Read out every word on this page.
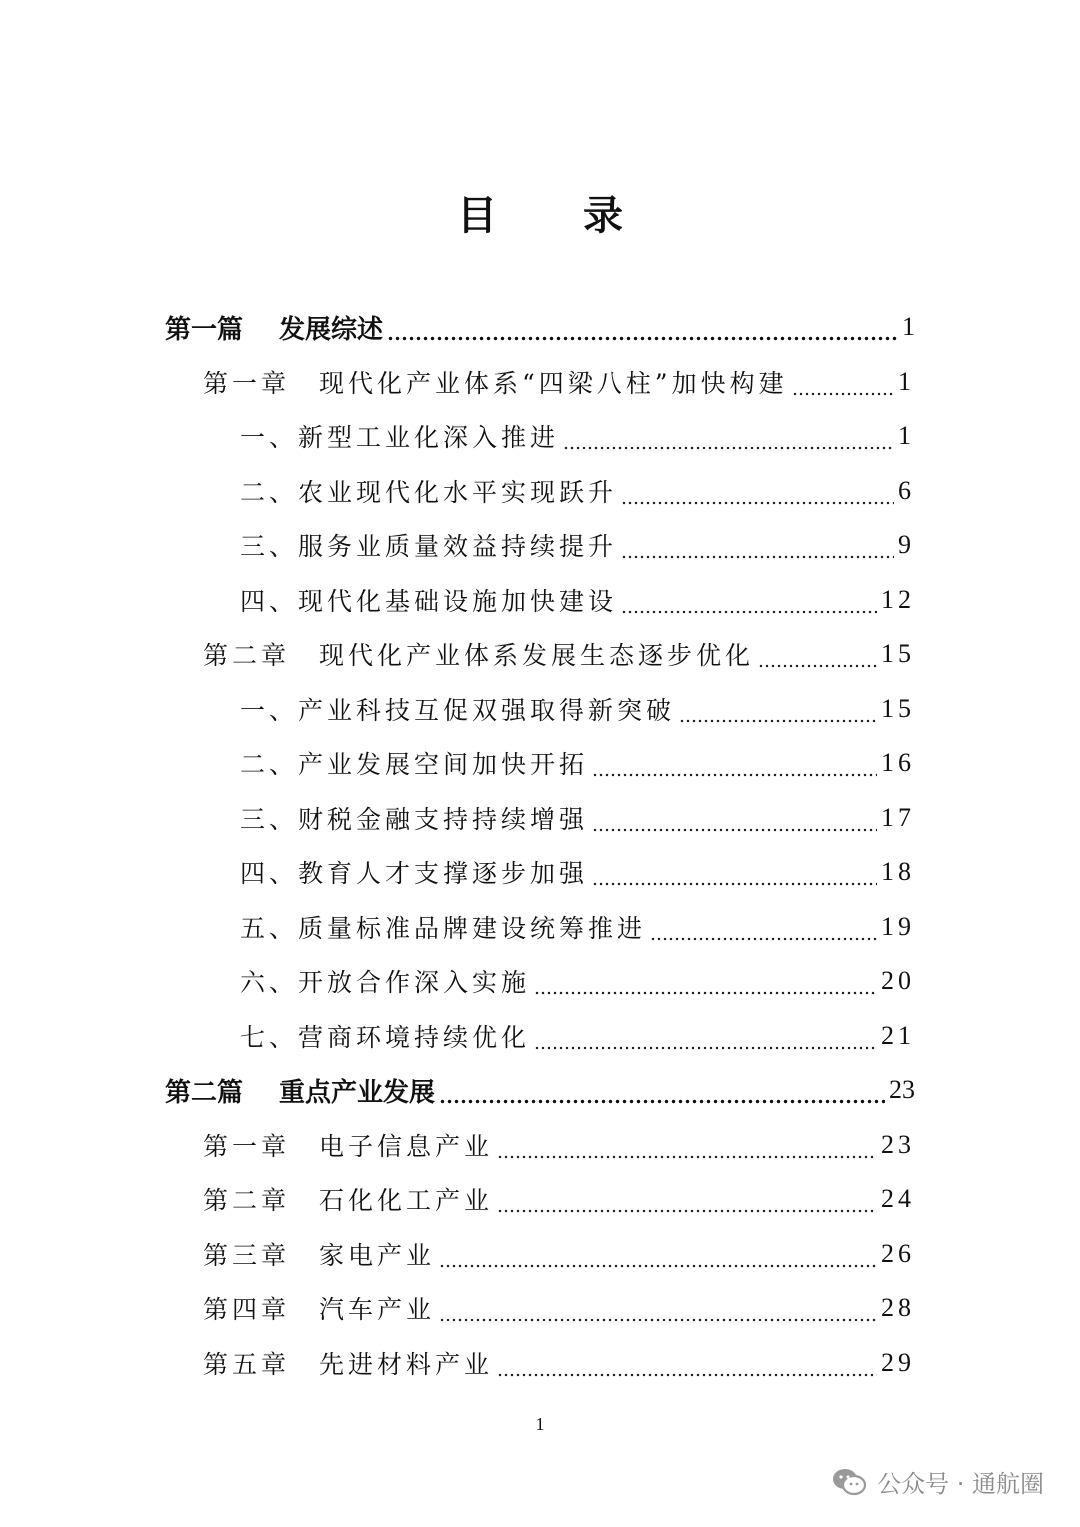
目 录
第一篇	发展综述	1
第一章	现代化产业体系“四梁八柱”加快构建	1
一、 新型工业化深入推进	1
二、 农业现代化水平实现跃升	6
三、 服务业质量效益持续提升	9
四、 现代化基础设施加快建设	12
第二章	现代化产业体系发展生态逐步优化	15
一、 产业科技互促双强取得新突破	15
二、 产业发展空间加快开拓	16
三、 财税金融支持持续增强	17
四、 教育人才支撑逐步加强	18
五、 质量标准品牌建设统筹推进	19
六、 开放合作深入实施	20
七、 营商环境持续优化	21
第二篇	重点产业发展	23
第一章	电子信息产业	23
第二章	石化化工产业	24
第三章	家电产业	26
第四章	汽车产业	28
第五章	先进材料产业	29
1
公众号 · 通航圈
